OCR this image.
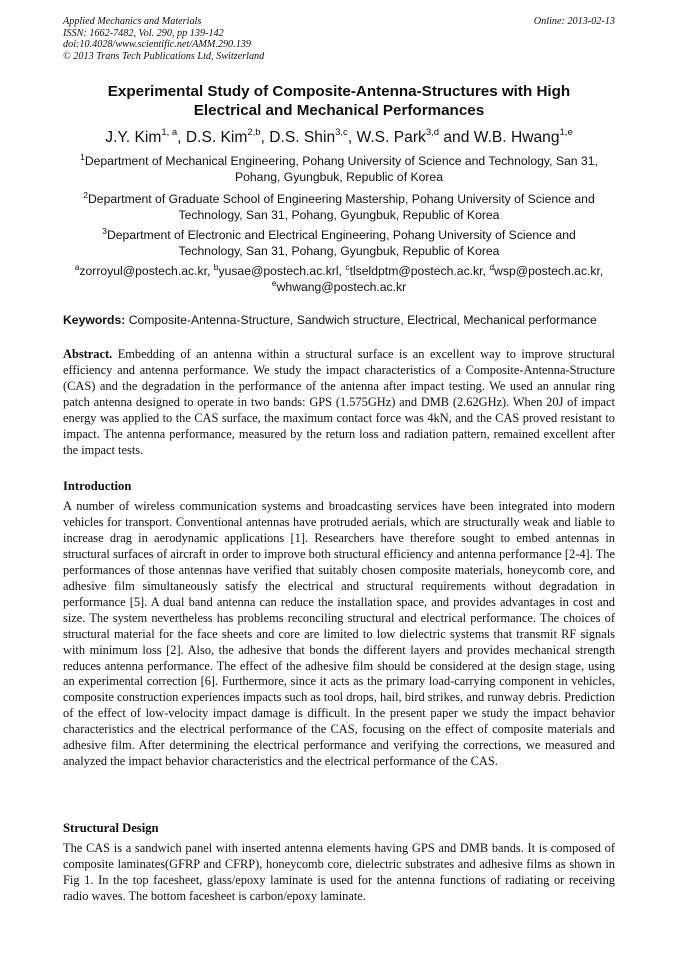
Applied Mechanics and Materials
ISSN: 1662-7482, Vol. 290, pp 139-142
doi:10.4028/www.scientific.net/AMM.290.139
© 2013 Trans Tech Publications Ltd, Switzerland
Online: 2013-02-13
Experimental Study of Composite-Antenna-Structures with High
Electrical and Mechanical Performances
J.Y. Kim$^{1, a}$, D.S. Kim$^{2,b}$, D.S. Shin$^{3,c}$, W.S. Park$^{3,d}$ and W.B. Hwang$^{1,e}$
$^1$Department of Mechanical Engineering, Pohang University of Science and Technology, San 31,
Pohang, Gyungbuk, Republic of Korea
$^2$Department of Graduate School of Engineering Mastership, Pohang University of Science and
Technology, San 31, Pohang, Gyungbuk, Republic of Korea
$^3$Department of Electronic and Electrical Engineering, Pohang University of Science and
Technology, San 31, Pohang, Gyungbuk, Republic of Korea
$^a$zorroyul@postech.ac.kr, $^b$yusae@postech.ac.krl, $^c$tlseldptm@postech.ac.kr, $^d$wsp@postech.ac.kr,
$^e$whwang@postech.ac.kr
Keywords: Composite-Antenna-Structure, Sandwich structure, Electrical, Mechanical performance
Abstract. Embedding of an antenna within a structural surface is an excellent way to improve structural efficiency and antenna performance. We study the impact characteristics of a Composite-Antenna-Structure (CAS) and the degradation in the performance of the antenna after impact testing. We used an annular ring patch antenna designed to operate in two bands: GPS (1.575GHz) and DMB (2.62GHz). When 20J of impact energy was applied to the CAS surface, the maximum contact force was 4kN, and the CAS proved resistant to impact. The antenna performance, measured by the return loss and radiation pattern, remained excellent after the impact tests.
Introduction
A number of wireless communication systems and broadcasting services have been integrated into modern vehicles for transport. Conventional antennas have protruded aerials, which are structurally weak and liable to increase drag in aerodynamic applications [1]. Researchers have therefore sought to embed antennas in structural surfaces of aircraft in order to improve both structural efficiency and antenna performance [2-4]. The performances of those antennas have verified that suitably chosen composite materials, honeycomb core, and adhesive film simultaneously satisfy the electrical and structural requirements without degradation in performance [5]. A dual band antenna can reduce the installation space, and provides advantages in cost and size. The system nevertheless has problems reconciling structural and electrical performance. The choices of structural material for the face sheets and core are limited to low dielectric systems that transmit RF signals with minimum loss [2]. Also, the adhesive that bonds the different layers and provides mechanical strength reduces antenna performance. The effect of the adhesive film should be considered at the design stage, using an experimental correction [6]. Furthermore, since it acts as the primary load-carrying component in vehicles, composite construction experiences impacts such as tool drops, hail, bird strikes, and runway debris. Prediction of the effect of low-velocity impact damage is difficult. In the present paper we study the impact behavior characteristics and the electrical performance of the CAS, focusing on the effect of composite materials and adhesive film. After determining the electrical performance and verifying the corrections, we measured and analyzed the impact behavior characteristics and the electrical performance of the CAS.
Structural Design
The CAS is a sandwich panel with inserted antenna elements having GPS and DMB bands. It is composed of composite laminates(GFRP and CFRP), honeycomb core, dielectric substrates and adhesive films as shown in Fig 1. In the top facesheet, glass/epoxy laminate is used for the antenna functions of radiating or receiving radio waves. The bottom facesheet is carbon/epoxy laminate.
